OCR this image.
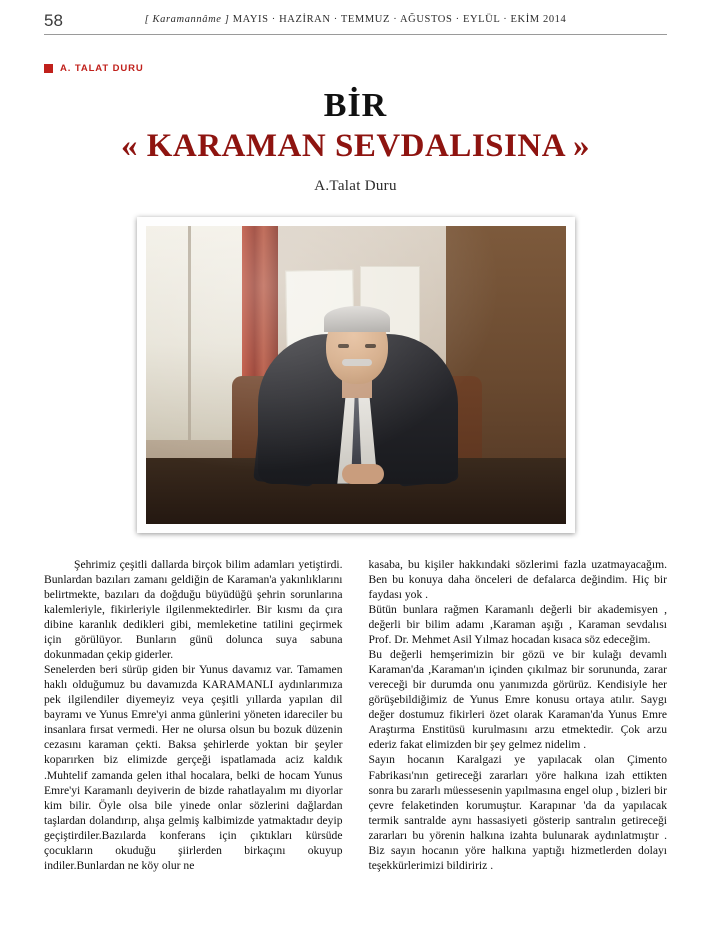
58	[ Karamannâme ] MAYIS · HAZİRAN · TEMMUZ · AĞUSTOS · EYLÜL · EKİM 2014
A. TALAT DURU
BİR
« KARAMAN SEVDALISINA »
A.Talat Duru

Şehrimiz çeşitli dallarda birçok bilim adamları yetiştirdi. Bunlardan bazıları zamanı geldiğin de Karaman'a yakınlıklarını belirtmekte, bazıları da doğduğu büyüdüğü şehrin sorunlarına kalemleriyle, fikirleriyle ilgilenmektedirler. Bir kısmı da çıra dibine karanlık dedikleri gibi, memleketine tatilini geçirmek için görülüyor. Bunların günü dolunca suya sabuna dokunmadan çekip giderler.

Senelerden beri sürüp giden bir Yunus davamız var. Tamamen haklı olduğumuz bu davamızda KARAMANLI aydınlarımıza pek ilgilendiler diyemeyiz veya çeşitli yıllarda yapılan dil bayramı ve Yunus Emre'yi anma günlerini yöneten idareciler bu insanlara fırsat vermedi. Her ne olursa olsun bu bozuk düzenin cezasını karaman çekti. Baksa şehirlerde yoktan bir şeyler koparırken biz elimizde gerçeği ispatlamada aciz kaldık .Muhtelif zamanda gelen ithal hocalara, belki de hocam Yunus Emre'yi Karamanlı deyiverin de bizde rahatlayalım mı diyorlar kim bilir. Öyle olsa bile yinede onlar sözlerini dağlardan taşlardan dolandırıp, alışa gelmiş kalbimizde yatmaktadır deyip geçiştirdiler.Bazılarda konferans için çıktıkları kürsüde çocukların okuduğu şiirlerden birkaçını okuyup indiler.Bunlardan ne köy olur ne

kasaba, bu kişiler hakkındaki sözlerimi fazla uzatmayacağım. Ben bu konuya daha önceleri de defalarca değindim. Hiç bir faydası yok .

Bütün bunlara rağmen Karamanlı değerli bir akademisyen , değerli bir bilim adamı ,Karaman aşığı , Karaman sevdalısı Prof. Dr. Mehmet Asil Yılmaz hocadan kısaca söz edeceğim.

Bu değerli hemşerimizin bir gözü ve bir kulağı devamlı Karaman'da ,Karaman'ın içinden çıkılmaz bir sorununda, zarar vereceği bir durumda onu yanımızda görürüz. Kendisiyle her görüşebildiğimiz de Yunus Emre konusu ortaya atılır. Saygı değer dostumuz fikirleri özet olarak Karaman'da Yunus Emre Araştırma Enstitüsü kurulmasını arzu etmektedir. Çok arzu ederiz fakat elimizden bir şey gelmez nidelim .

Sayın hocanın Karalgazi ye yapılacak olan Çimento Fabrikası'nın getireceği zararları yöre halkına izah ettikten sonra bu zararlı müessesenin yapılmasına engel olup , bizleri bir çevre felaketinden korumuştur. Karapınar 'da da yapılacak termik santralde aynı hassasiyeti gösterip santralın getireceği zararları bu yörenin halkına izahta bulunarak aydınlatmıştır . Biz sayın hocanın yöre halkına yaptığı hizmetlerden dolayı teşekkürlerimizi bildiririz .
